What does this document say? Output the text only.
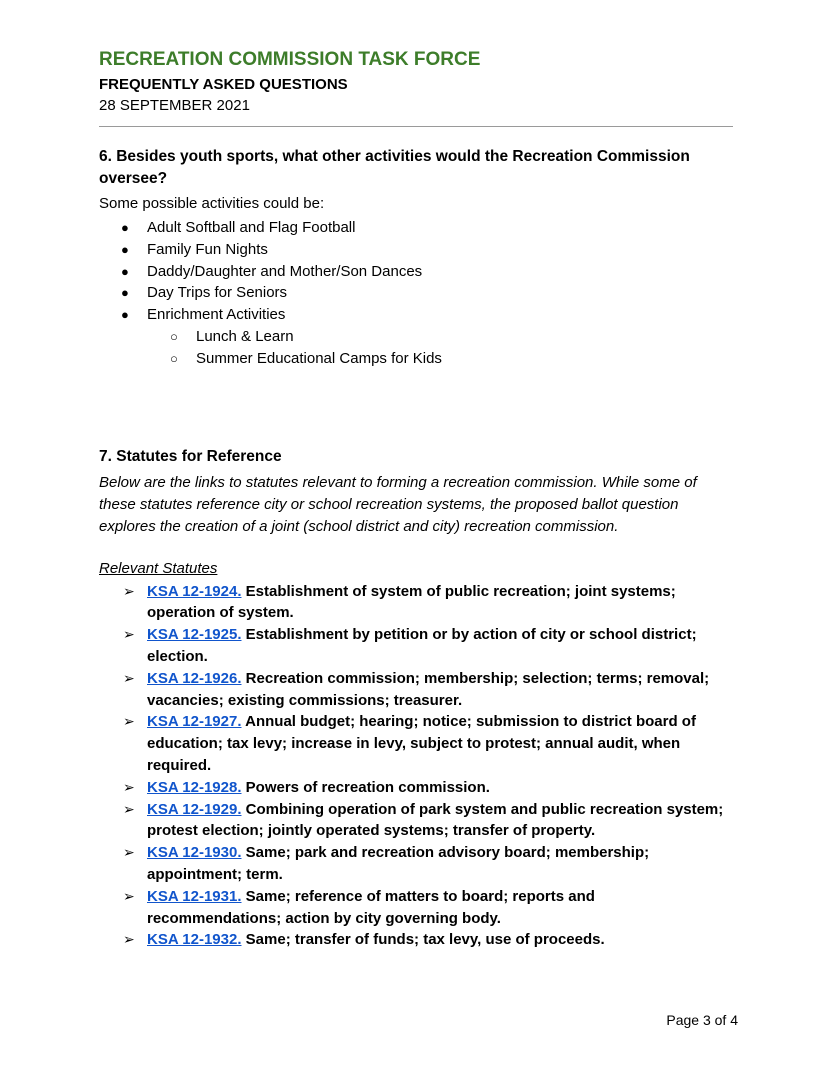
RECREATION COMMISSION TASK FORCE

FREQUENTLY ASKED QUESTIONS

28 SEPTEMBER 2021

6. Besides youth sports, what other activities would the Recreation Commission oversee?

Some possible activities could be:

● Adult Softball and Flag Football
● Family Fun Nights
● Daddy/Daughter and Mother/Son Dances
● Day Trips for Seniors
● Enrichment Activities
○ Lunch & Learn
○ Summer Educational Camps for Kids

7. Statutes for Reference

Below are the links to statutes relevant to forming a recreation commission. While some of these statutes reference city or school recreation systems, the proposed ballot question explores the creation of a joint (school district and city) recreation commission.

Relevant Statutes

➢ KSA 12-1924. Establishment of system of public recreation; joint systems; operation of system.
➢ KSA 12-1925. Establishment by petition or by action of city or school district; election.
➢ KSA 12-1926. Recreation commission; membership; selection; terms; removal; vacancies; existing commissions; treasurer.
➢ KSA 12-1927. Annual budget; hearing; notice; submission to district board of education; tax levy; increase in levy, subject to protest; annual audit, when required.
➢ KSA 12-1928. Powers of recreation commission.
➢ KSA 12-1929. Combining operation of park system and public recreation system; protest election; jointly operated systems; transfer of property.
➢ KSA 12-1930. Same; park and recreation advisory board; membership; appointment; term.
➢ KSA 12-1931. Same; reference of matters to board; reports and recommendations; action by city governing body.
➢ KSA 12-1932. Same; transfer of funds; tax levy, use of proceeds.
Page 3 of 4
